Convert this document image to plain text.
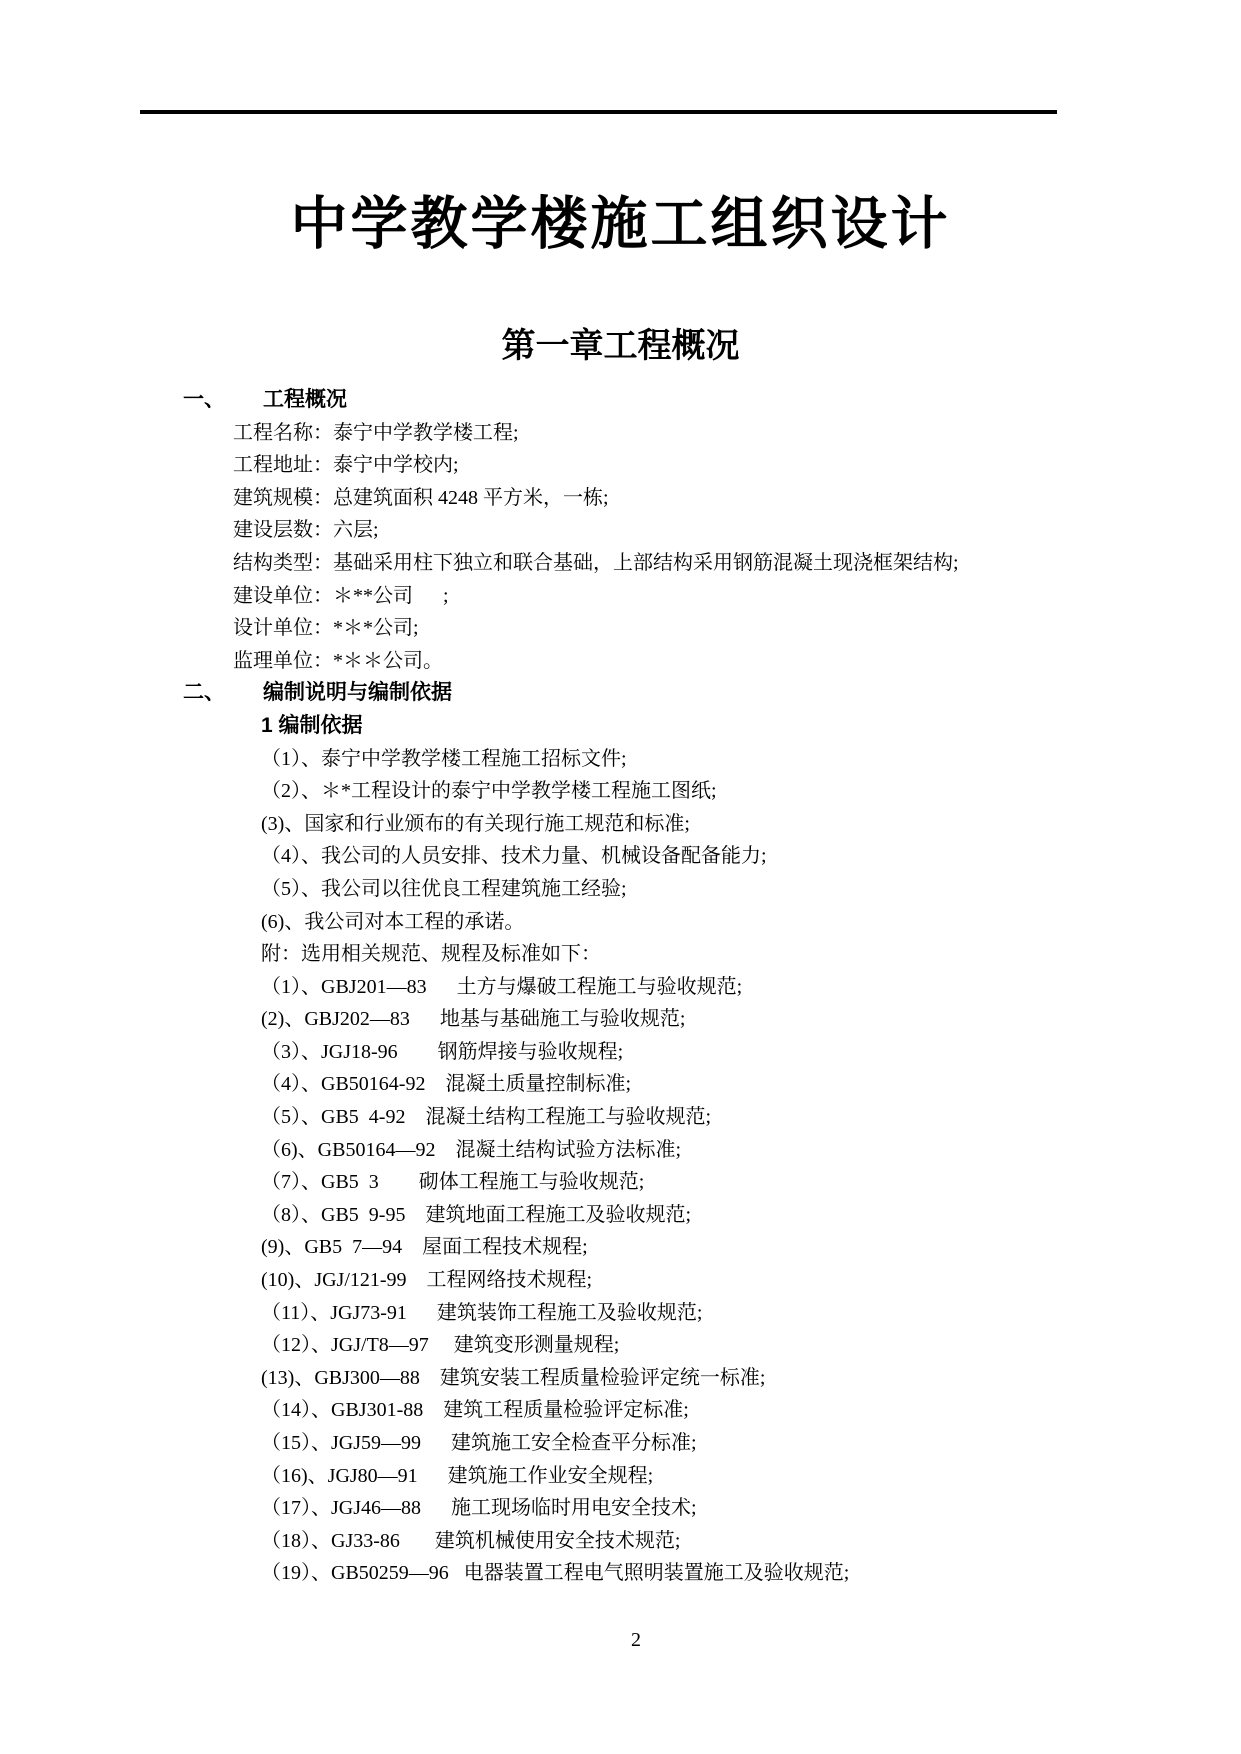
中学教学楼施工组织设计
第一章工程概况
一、	工程概况
工程名称：泰宁中学教学楼工程;
工程地址：泰宁中学校内;
建筑规模：总建筑面积 4248 平方米，一栋;
建设层数：六层;
结构类型：基础采用柱下独立和联合基础，上部结构采用钢筋混凝土现浇框架结构;
建设单位：＊**公司      ;
设计单位：*＊*公司;
监理单位：*＊＊公司。
二、	编制说明与编制依据
1 编制依据
（1）、泰宁中学教学楼工程施工招标文件;
（2）、＊*工程设计的泰宁中学教学楼工程施工图纸;
(3)、国家和行业颁布的有关现行施工规范和标准;
（4）、我公司的人员安排、技术力量、机械设备配备能力;
（5）、我公司以往优良工程建筑施工经验;
(6)、我公司对本工程的承诺。
附：选用相关规范、规程及标准如下：
（1）、GBJ201—83      土方与爆破工程施工与验收规范;
(2)、GBJ202—83      地基与基础施工与验收规范;
（3）、JGJ18-96        钢筋焊接与验收规程;
（4）、GB50164-92    混凝土质量控制标准;
（5）、GB5  4-92    混凝土结构工程施工与验收规范;
（6)、GB50164—92    混凝土结构试验方法标准;
（7）、GB5  3        砌体工程施工与验收规范;
（8）、GB5  9-95    建筑地面工程施工及验收规范;
(9)、GB5  7—94    屋面工程技术规程;
(10)、JGJ/121-99    工程网络技术规程;
（11）、JGJ73-91      建筑装饰工程施工及验收规范;
（12）、JGJ/T8—97     建筑变形测量规程;
(13)、GBJ300—88    建筑安装工程质量检验评定统一标准;
（14）、GBJ301-88    建筑工程质量检验评定标准;
（15）、JGJ59—99      建筑施工安全检查平分标准;
（16)、JGJ80—91      建筑施工作业安全规程;
（17）、JGJ46—88      施工现场临时用电安全技术;
（18）、GJ33-86       建筑机械使用安全技术规范;
（19）、GB50259—96   电器装置工程电气照明装置施工及验收规范;
2
